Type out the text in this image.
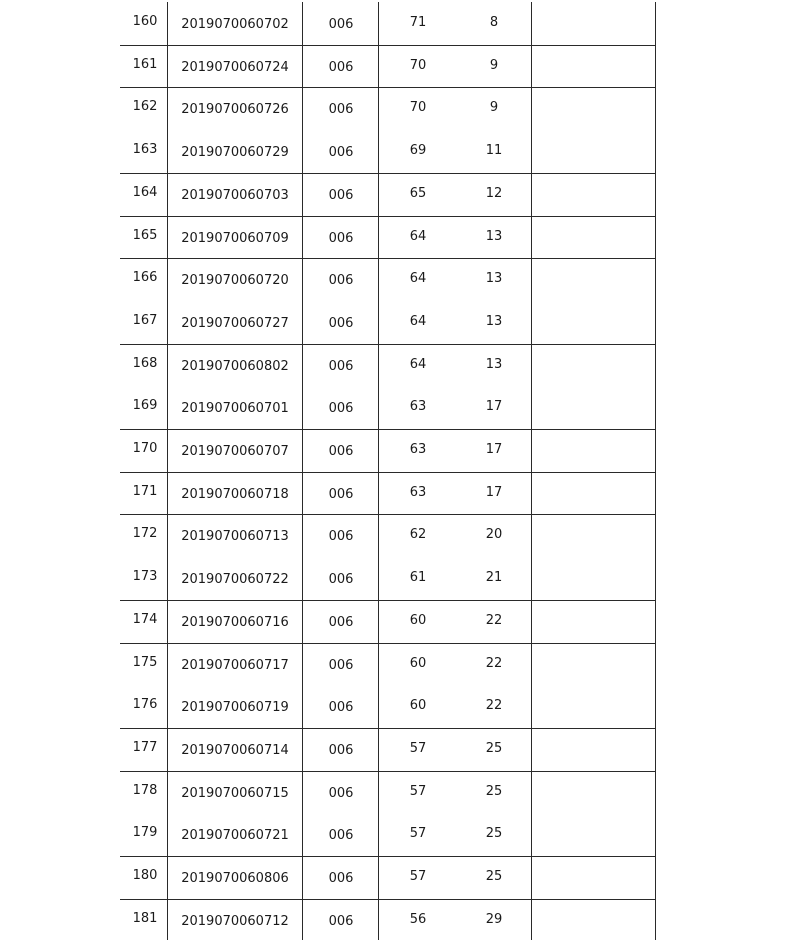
160 2019070060702	006	71	8
161 2019070060724	006	70	9
162 2019070060726	006	70	9
163 2019070060729	006	69	11
164 2019070060703	006	65	12
165 2019070060709	006	64	13
166 2019070060720	006	64	13
167 2019070060727	006	64	13
168 2019070060802	006	64	13
169 2019070060701	006	63	17
170 2019070060707	006	63	17
171 2019070060718	006	63	17
172 2019070060713	006	62	20
173 2019070060722	006	61	21
174 2019070060716	006	60	22
175 2019070060717	006	60	22
176 2019070060719	006	60	22
177 2019070060714	006	57	25
178 2019070060715	006	57	25
179 2019070060721	006	57	25
180 2019070060806	006	57	25
181 2019070060712	006	56	29
